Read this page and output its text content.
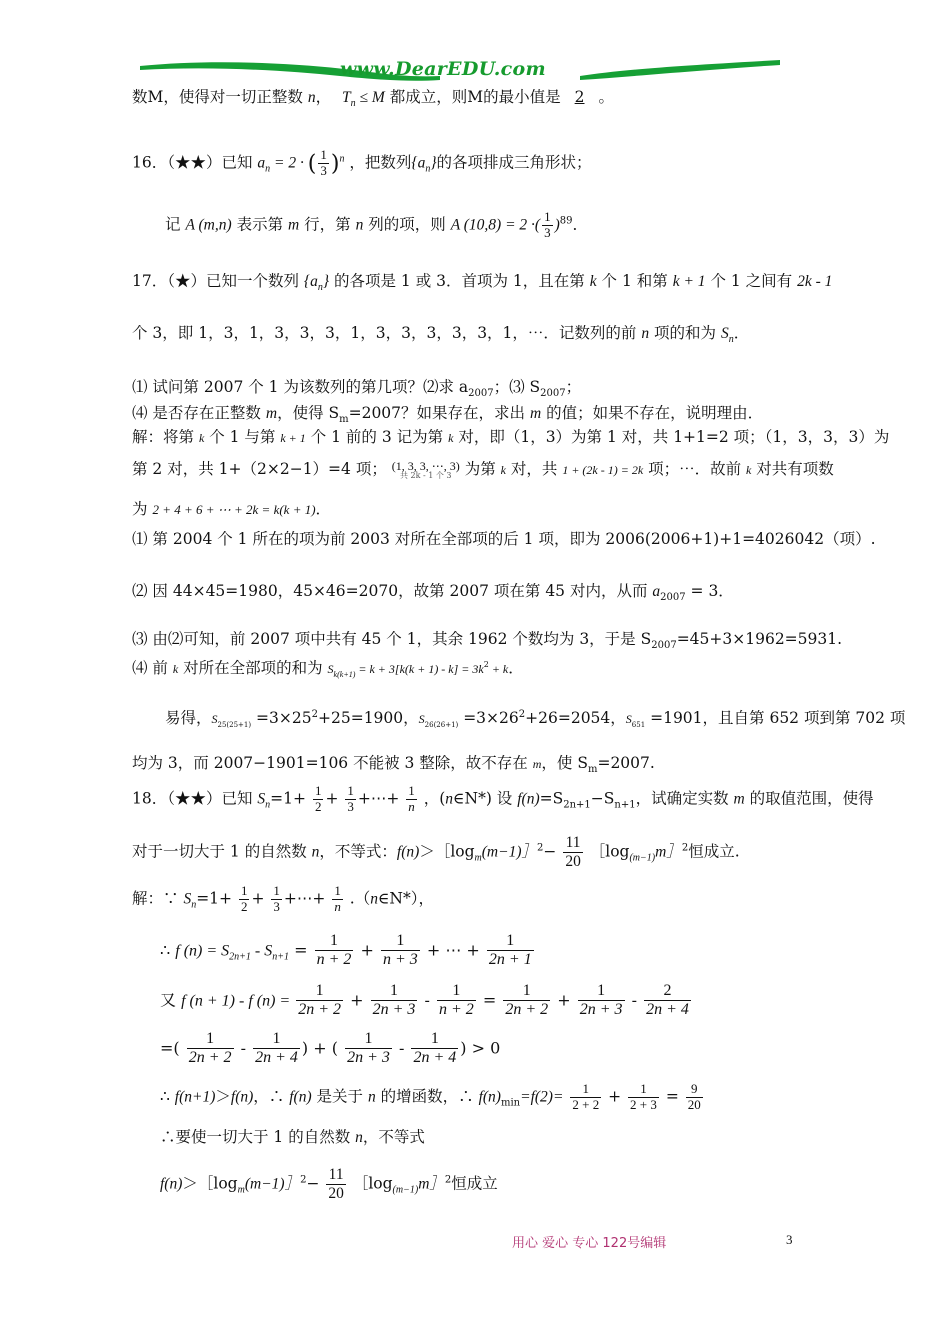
www.DearEDU.com
数M，使得对一切正整数 n， $T_n \le M$ 都成立，则M的最小值是 2 。
16．（★★）已知 $a_n = 2$ · ( $\frac{1}{3} )^n$ ，把数列$\{a_n\}$的各项排成三角形状；
记 A (m,n) 表示第 m 行，第 n 列的项，则 A (10,8) = 2 ·( $\frac{1}{3} )^{89}$．
17．（★）已知一个数列 $\{a_n\}$ 的各项是 1 或 3．首项为 1，且在第 k 个 1 和第 k + 1 个 1 之间有 2k - 1
个 3，即 1，3，1，3，3，3，1，3，3，3，3，3，1，⋯．记数列的前 n 项的和为 $S_n$．
⑴ 试问第 2007 个 1 为该数列的第几项？⑵求 $a_{2007}$；⑶ $S_{2007}$；
⑷ 是否存在正整数 m，使得 $S_m=2007$？如果存在，求出 m 的值；如果不存在，说明理由．
解：将第 k 个 1 与第 k + 1 个 1 前的 3 记为第 k 对，即（1，3）为第 1 对，共 1+1=2 项；（1，3，3，3）为
第 2 对，共 1+（2×2−1）=4 项； (1, 3, 3, ⋯, 3)
共 2k - 1 个 3 为第 k 对，共 1 + (2k - 1) = 2k 项；⋯．故前 k 对共有项数
为 2 + 4 + 6 + ⋯ + 2k = k(k + 1)．
⑴ 第 2004 个 1 所在的项为前 2003 对所在全部项的后 1 项，即为 2006(2006+1)+1=4026042（项）.
⑵ 因 44×45=1980，45×46=2070，故第 2007 项在第 45 对内，从而 $a_{2007} = 3$．
⑶ 由⑵可知，前 2007 项中共有 45 个 1，其余 1962 个数均为 3，于是 $S_{2007}=45+3\times 1962=5931$.
⑷ 前 k 对所在全部项的和为 $S_{k(k+1)} = k + 3[k(k + 1) - k] = 3k^2 + k$．
易得，$S_{25(25+1)} =3\times 25^2+25=1900$，$S_{26(26+1)} =3\times 26^2+26=2054$，$S_{651} =1901$，且自第 652 项到第 702 项
均为 3，而 2007−1901=106 不能被 3 整除，故不存在 m，使 $S_m=2007$.
18．（★★）已知 $S_n=1+ \frac{1}{2} + \frac{1}{3}$ +⋯+ $\frac{1}{n}$ ，(n∈N*) 设 $f(n)=S_{2n+1}-S_{n+1}$，试确定实数 m 的取值范围，使得
对于一切大于 1 的自然数 n，不等式：$f(n)>[\log_m(m-1)]^2- \frac{11}{20}$ $[\log_{(m-1)}m]^2$恒成立.
解：∵ $S_n=1+ \frac{1}{2} + \frac{1}{3}$ +⋯+ $\frac{1}{n}$ .（n∈N*），
∴ f $(n) = S_{2n+1} - S_{n+1} = \frac{1}{n + 2} + \frac{1}{n + 3}$ + ⋯ + $\frac{1}{2n + 1}$
又 f (n + 1) - f $(n) = \frac{1}{2n + 2} + \frac{1}{2n + 3} - \frac{1}{n + 2} = \frac{1}{2n + 2} + \frac{1}{2n + 3} - \frac{2}{2n + 4}$
=( $\frac{1}{2n + 2} - \frac{1}{2n + 4}$ ) + ( $\frac{1}{2n + 3} - \frac{1}{2n + 4}$ ) > 0
∴ f(n+1)＞f(n)，∴ f(n) 是关于 n 的增函数，∴ $f(n)_{min}=f(2)= \frac{1}{2 + 2} + \frac{1}{2 + 3} = \frac{9}{20}$
∴要使一切大于 1 的自然数 n，不等式
$f(n)>[\log_m(m-1)]^2- \frac{11}{20}$ $[\log_{(m-1)}m]^2$恒成立
用心 爱心 专心 122号编辑	3
